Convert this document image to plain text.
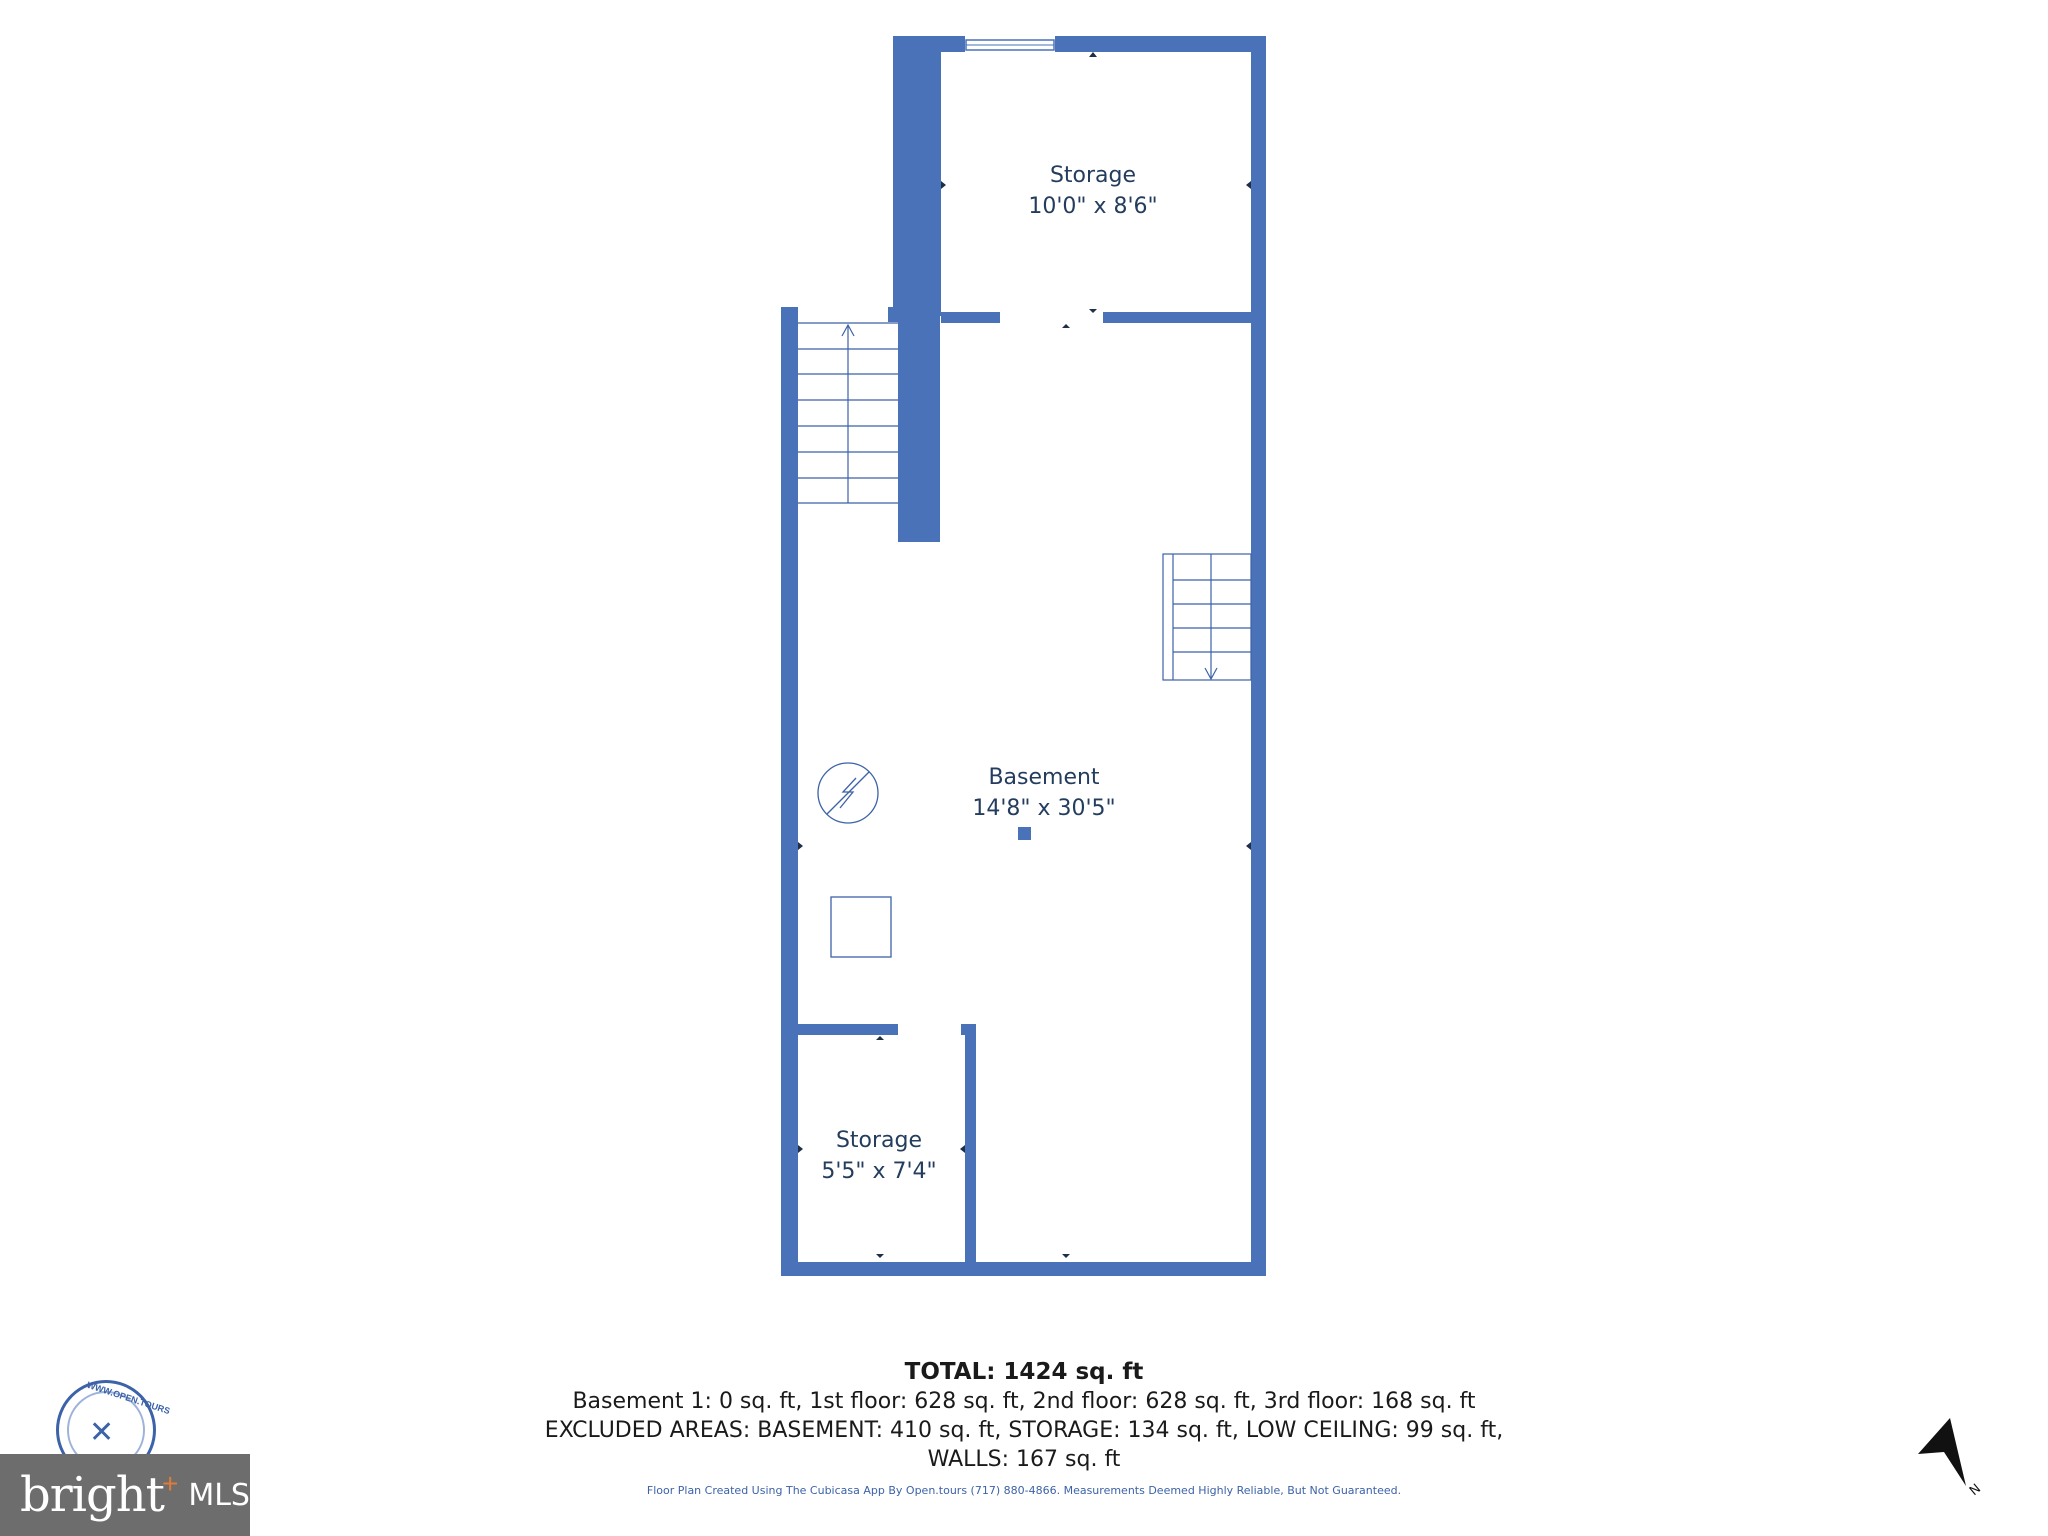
Storage
10'0" x 8'6"
Basement
14'8" x 30'5"
Storage
5'5" x 7'4"
TOTAL: 1424 sq. ft
Basement 1: 0 sq. ft, 1st floor: 628 sq. ft, 2nd floor: 628 sq. ft, 3rd floor: 168 sq. ft
EXCLUDED AREAS: BASEMENT: 410 sq. ft, STORAGE: 134 sq. ft, LOW CEILING: 99 sq. ft,
WALLS: 167 sq. ft
Floor Plan Created Using The Cubicasa App By Open.tours (717) 880-4866. Measurements Deemed Highly Reliable, But Not Guaranteed.
WWW.OPEN.TOURS
✕
bright
+ MLS	N
